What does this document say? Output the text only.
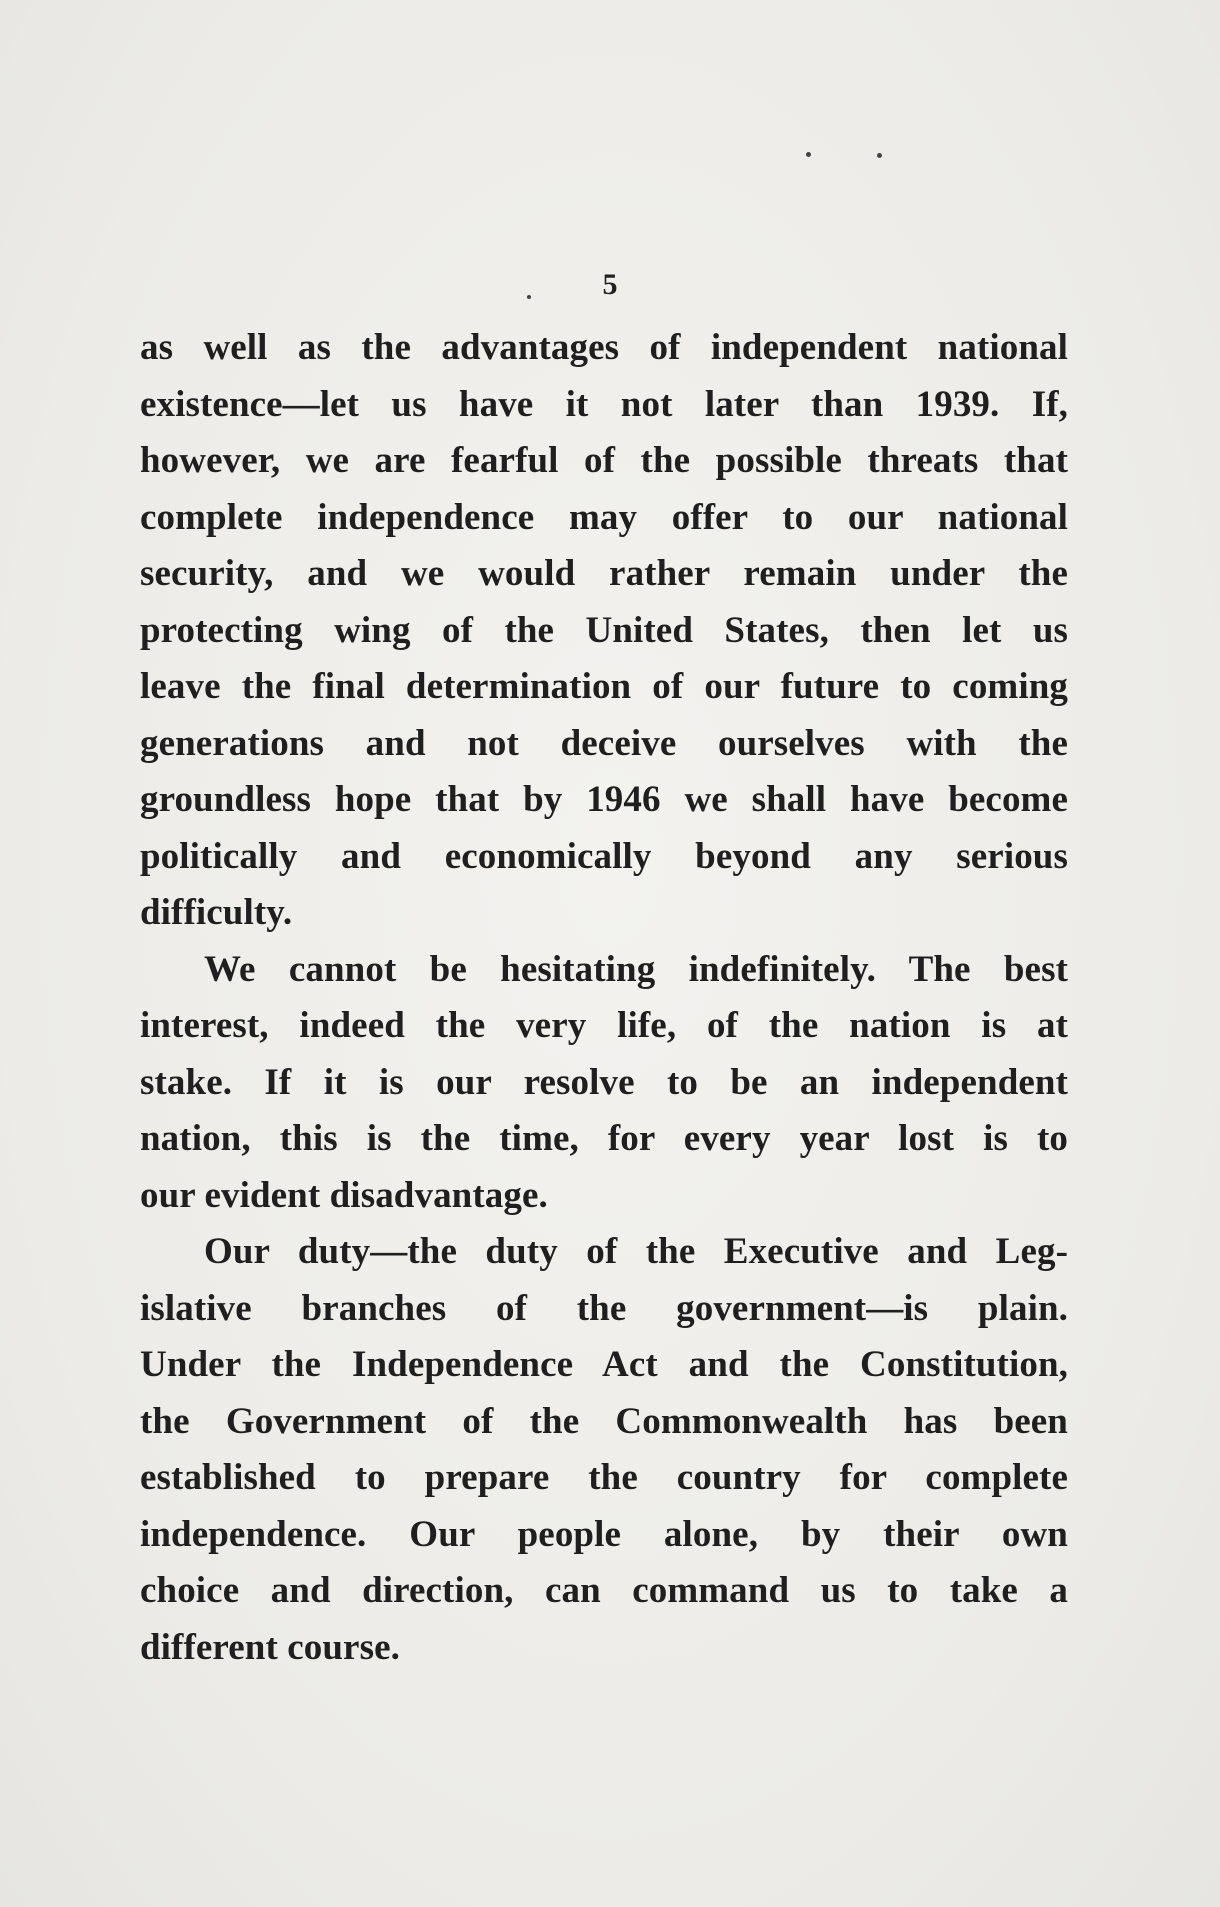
5
as well as the advantages of independent national
existence—let us have it not later than 1939. If,
however, we are fearful of the possible threats that
complete independence may offer to our national
security, and we would rather remain under the
protecting wing of the United States, then let us
leave the final determination of our future to coming
generations and not deceive ourselves with the
groundless hope that by 1946 we shall have become
politically and economically beyond any serious
difficulty.
We cannot be hesitating indefinitely. The best
interest, indeed the very life, of the nation is at
stake. If it is our resolve to be an independent
nation, this is the time, for every year lost is to
our evident disadvantage.
Our duty—the duty of the Executive and Leg-
islative branches of the government—is plain.
Under the Independence Act and the Constitution,
the Government of the Commonwealth has been
established to prepare the country for complete
independence. Our people alone, by their own
choice and direction, can command us to take a
different course.
